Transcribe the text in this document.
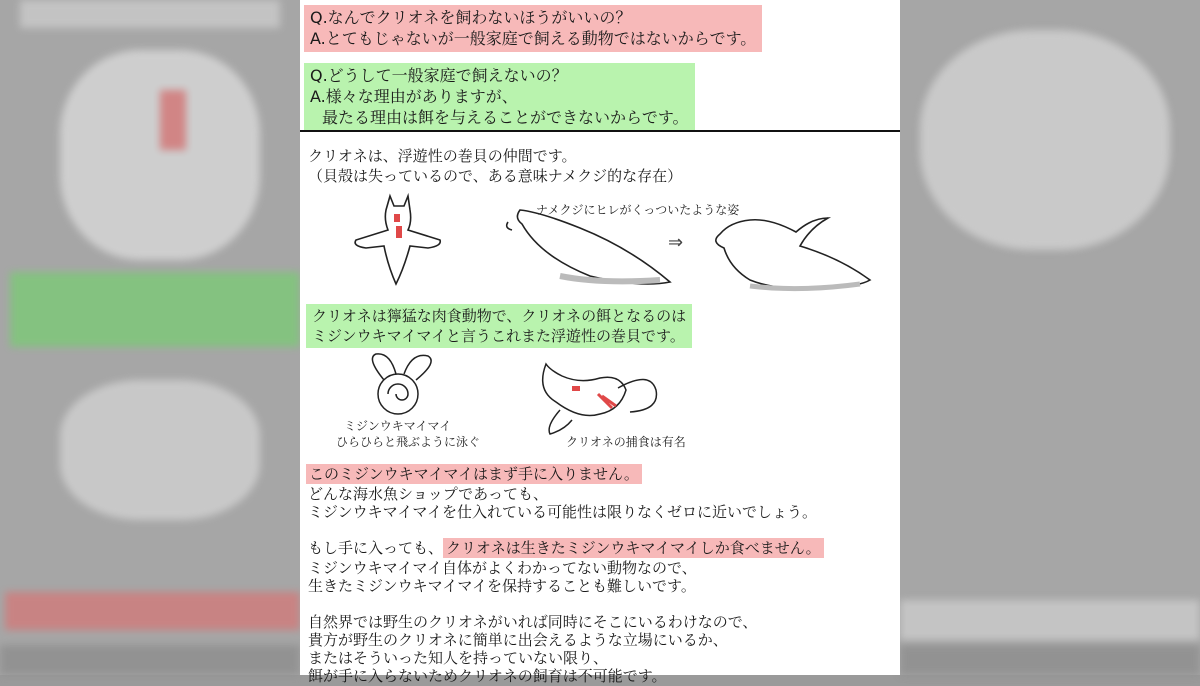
Q.なんでクリオネを飼わないほうがいいの？
A.とてもじゃないが一般家庭で飼える動物ではないからです。
Q.どうして一般家庭で飼えないの？
A.様々な理由がありますが、
最たる理由は餌を与えることができないからです。
クリオネは、浮遊性の巻貝の仲間です。
（貝殻は失っているので、ある意味ナメクジ的な存在）
ナメクジにヒレがくっついたような姿
⇒
クリオネは獰猛な肉食動物で、クリオネの餌となるのは
ミジンウキマイマイと言うこれまた浮遊性の巻貝です。
ミジンウキマイマイ
ひらひらと飛ぶように泳ぐ	クリオネの捕食は有名
このミジンウキマイマイはまず手に入りません。
どんな海水魚ショップであっても、
ミジンウキマイマイを仕入れている可能性は限りなくゼロに近いでしょう。
もし手に入っても、 クリオネは生きたミジンウキマイマイしか食べません。
ミジンウキマイマイ自体がよくわかってない動物なので、
生きたミジンウキマイマイを保持することも難しいです。
自然界では野生のクリオネがいれば同時にそこにいるわけなので、
貴方が野生のクリオネに簡単に出会えるような立場にいるか、
またはそういった知人を持っていない限り、
餌が手に入らないためクリオネの飼育は不可能です。
